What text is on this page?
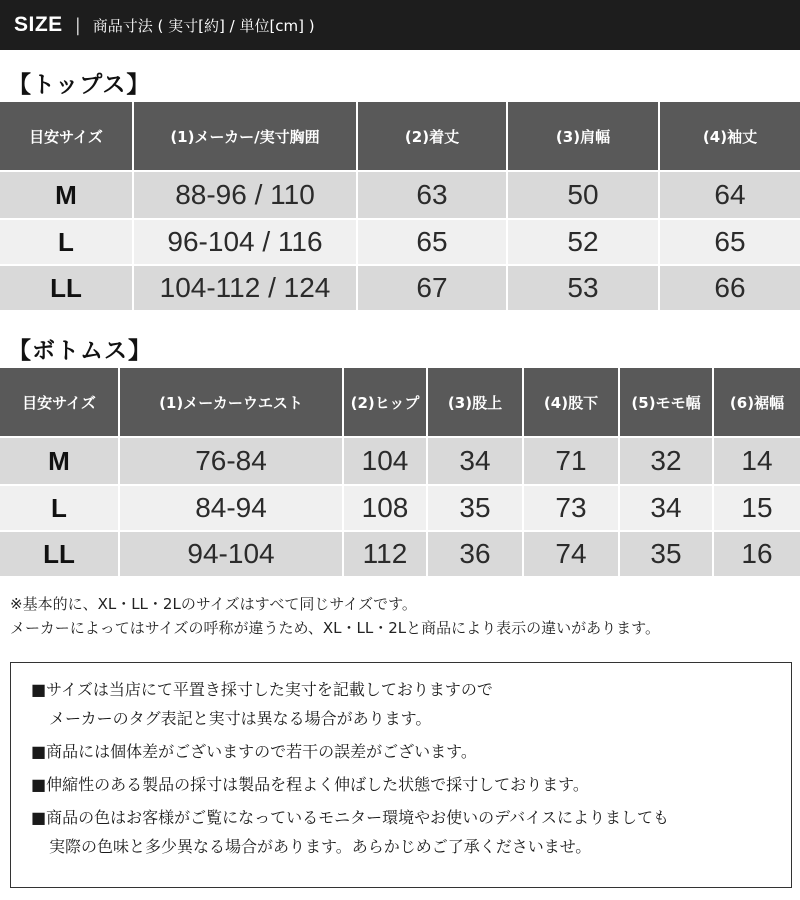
SIZE | 商品寸法 ( 実寸[約] / 単位[cm] )
【トップス】
目安サイズ	(1)メーカー/実寸胸囲	(2)着丈	(3)肩幅	(4)袖丈
M	88-96 / 110	63	50	64
L	96-104 / 116	65	52	65
LL	104-112 / 124	67	53	66
【ボトムス】
目安サイズ	(1)メーカーウエスト	(2)ヒップ	(3)股上	(4)股下	(5)モモ幅	(6)裾幅
M	76-84	104	34	71	32	14
L	84-94	108	35	73	34	15
LL	94-104	112	36	74	35	16
※基本的に、XL・LL・2Lのサイズはすべて同じサイズです。
メーカーによってはサイズの呼称が違うため、XL・LL・2Lと商品により表示の違いがあります。
■サイズは当店にて平置き採寸した実寸を記載しておりますので
メーカーのタグ表記と実寸は異なる場合があります。
■商品には個体差がございますので若干の誤差がございます。
■伸縮性のある製品の採寸は製品を程よく伸ばした状態で採寸しております。
■商品の色はお客様がご覧になっているモニター環境やお使いのデバイスによりましても
実際の色味と多少異なる場合があります。あらかじめご了承くださいませ。
